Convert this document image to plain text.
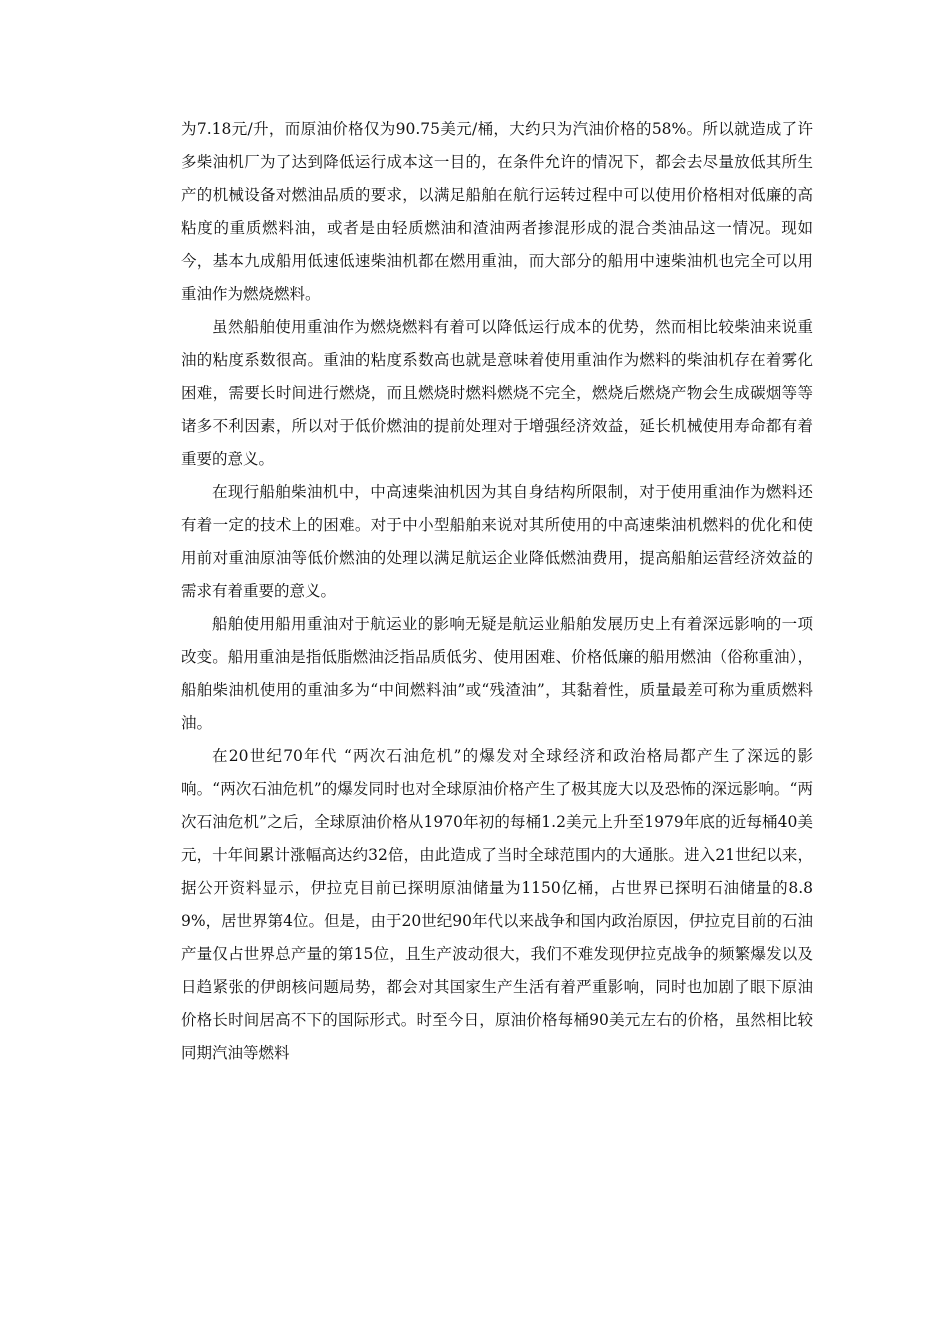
为7.18元/升，而原油价格仅为90.75美元/桶，大约只为汽油价格的58%。所以就造成了许多柴油机厂为了达到降低运行成本这一目的，在条件允许的情况下，都会去尽量放低其所生产的机械设备对燃油品质的要求，以满足船舶在航行运转过程中可以使用价格相对低廉的高粘度的重质燃料油，或者是由轻质燃油和渣油两者掺混形成的混合类油品这一情况。现如今，基本九成船用低速低速柴油机都在燃用重油，而大部分的船用中速柴油机也完全可以用重油作为燃烧燃料。

虽然船舶使用重油作为燃烧燃料有着可以降低运行成本的优势，然而相比较柴油来说重油的粘度系数很高。重油的粘度系数高也就是意味着使用重油作为燃料的柴油机存在着雾化困难，需要长时间进行燃烧，而且燃烧时燃料燃烧不完全，燃烧后燃烧产物会生成碳烟等等诸多不利因素，所以对于低价燃油的提前处理对于增强经济效益，延长机械使用寿命都有着重要的意义。

在现行船舶柴油机中，中高速柴油机因为其自身结构所限制，对于使用重油作为燃料还有着一定的技术上的困难。对于中小型船舶来说对其所使用的中高速柴油机燃料的优化和使用前对重油原油等低价燃油的处理以满足航运企业降低燃油费用，提高船舶运营经济效益的需求有着重要的意义。

船舶使用船用重油对于航运业的影响无疑是航运业船舶发展历史上有着深远影响的一项改变。船用重油是指低脂燃油泛指品质低劣、使用困难、价格低廉的船用燃油（俗称重油），船舶柴油机使用的重油多为“中间燃料油”或“残渣油”，其黏着性，质量最差可称为重质燃料油。

在20世纪70年代 “两次石油危机”的爆发对全球经济和政治格局都产生了深远的影响。“两次石油危机”的爆发同时也对全球原油价格产生了极其庞大以及恐怖的深远影响。“两次石油危机”之后，全球原油价格从1970年初的每桶1.2美元上升至1979年底的近每桶40美元，十年间累计涨幅高达约32倍，由此造成了当时全球范围内的大通胀。进入21世纪以来，据公开资料显示，伊拉克目前已探明原油储量为1150亿桶，占世界已探明石油储量的8.89%，居世界第4位。但是，由于20世纪90年代以来战争和国内政治原因，伊拉克目前的石油产量仅占世界总产量的第15位，且生产波动很大，我们不难发现伊拉克战争的频繁爆发以及日趋紧张的伊朗核问题局势，都会对其国家生产生活有着严重影响，同时也加剧了眼下原油价格长时间居高不下的国际形式。时至今日，原油价格每桶90美元左右的价格，虽然相比较同期汽油等燃料
